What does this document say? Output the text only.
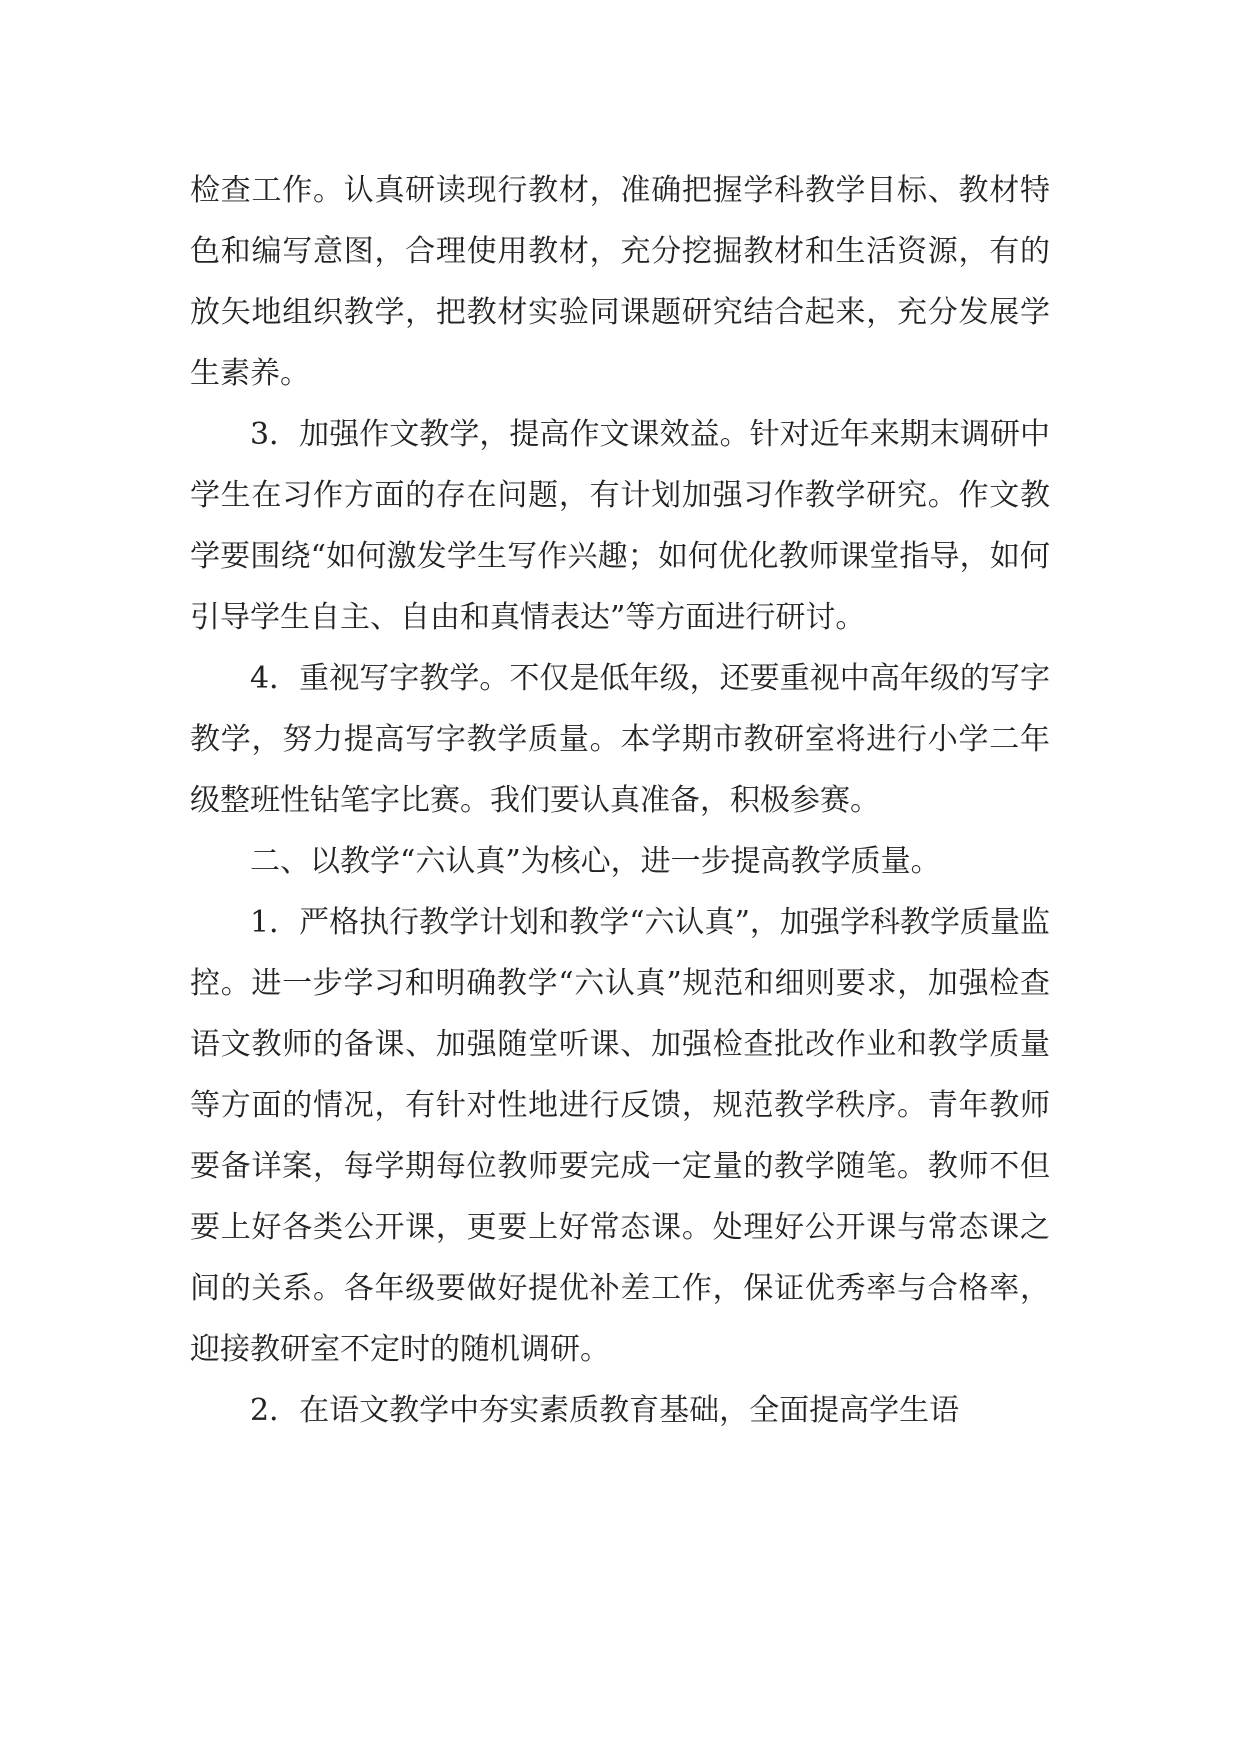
检查工作。认真研读现行教材，准确把握学科教学目标、教材特色和编写意图，合理使用教材，充分挖掘教材和生活资源，有的放矢地组织教学，把教材实验同课题研究结合起来，充分发展学生素养。

3．加强作文教学，提高作文课效益。针对近年来期末调研中学生在习作方面的存在问题，有计划加强习作教学研究。作文教学要围绕“如何激发学生写作兴趣；如何优化教师课堂指导，如何引导学生自主、自由和真情表达”等方面进行研讨。

4．重视写字教学。不仅是低年级，还要重视中高年级的写字教学，努力提高写字教学质量。本学期市教研室将进行小学二年级整班性钻笔字比赛。我们要认真准备，积极参赛。

二、以教学“六认真”为核心，进一步提高教学质量。

1．严格执行教学计划和教学“六认真”，加强学科教学质量监控。进一步学习和明确教学“六认真”规范和细则要求，加强检查语文教师的备课、加强随堂听课、加强检查批改作业和教学质量等方面的情况，有针对性地进行反馈，规范教学秩序。青年教师要备详案，每学期每位教师要完成一定量的教学随笔。教师不但要上好各类公开课，更要上好常态课。处理好公开课与常态课之间的关系。各年级要做好提优补差工作，保证优秀率与合格率，迎接教研室不定时的随机调研。

2．在语文教学中夯实素质教育基础，全面提高学生语
